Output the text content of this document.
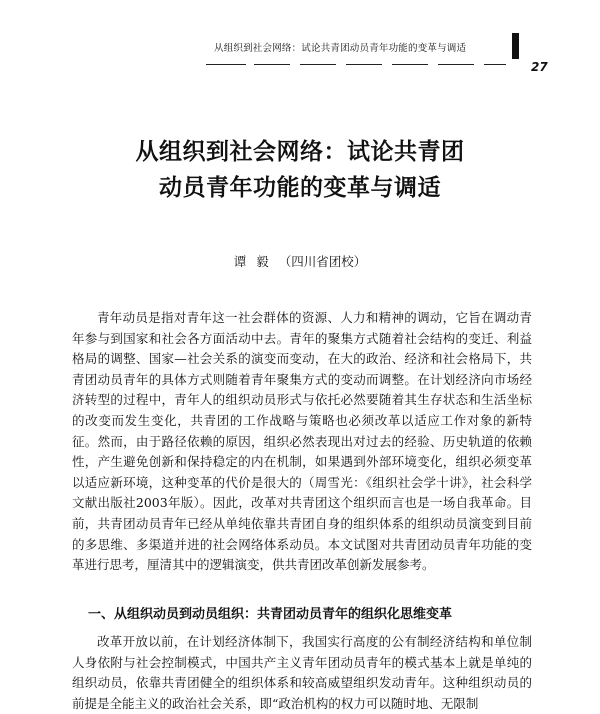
从组织到社会网络：试论共青团动员青年功能的变革与调适
27
从组织到社会网络：试论共青团
动员青年功能的变革与调适
谭毅（四川省团校）
青年动员是指对青年这一社会群体的资源、人力和精神的调动，它旨在调动青年参与到国家和社会各方面活动中去。青年的聚集方式随着社会结构的变迁、利益格局的调整、国家—社会关系的演变而变动，在大的政治、经济和社会格局下，共青团动员青年的具体方式则随着青年聚集方式的变动而调整。在计划经济向市场经济转型的过程中，青年人的组织动员形式与依托必然要随着其生存状态和生活坐标的改变而发生变化，共青团的工作战略与策略也必须改革以适应工作对象的新特征。然而，由于路径依赖的原因，组织必然表现出对过去的经验、历史轨道的依赖性，产生避免创新和保持稳定的内在机制，如果遇到外部环境变化，组织必须变革以适应新环境，这种变革的代价是很大的（周雪光：《组织社会学十讲》，社会科学文献出版社2003年版）。因此，改革对共青团这个组织而言也是一场自我革命。目前，共青团动员青年已经从单纯依靠共青团自身的组织体系的组织动员演变到目前的多思维、多渠道并进的社会网络体系动员。本文试图对共青团动员青年功能的变革进行思考，厘清其中的逻辑演变，供共青团改革创新发展参考。
一、从组织动员到动员组织：共青团动员青年的组织化思维变革
改革开放以前，在计划经济体制下，我国实行高度的公有制经济结构和单位制人身依附与社会控制模式，中国共产主义青年团动员青年的模式基本上就是单纯的组织动员，依靠共青团健全的组织体系和较高威望组织发动青年。这种组织动员的前提是全能主义的政治社会关系，即“政治机构的权力可以随时地、无限制
